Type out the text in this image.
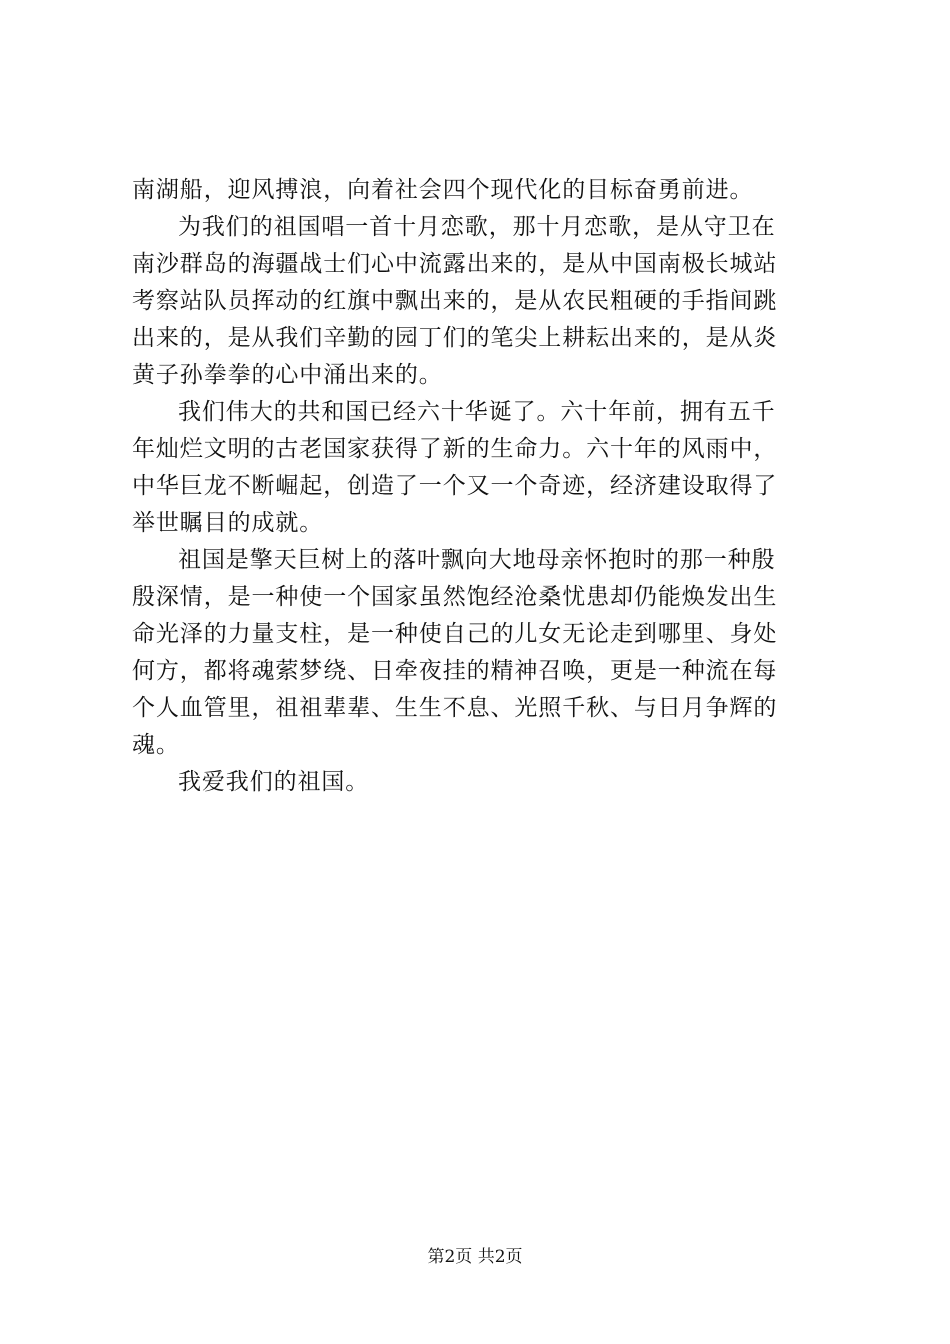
南湖船，迎风搏浪，向着社会四个现代化的目标奋勇前进。
为我们的祖国唱一首十月恋歌，那十月恋歌，是从守卫在
南沙群岛的海疆战士们心中流露出来的，是从中国南极长城站
考察站队员挥动的红旗中飘出来的，是从农民粗硬的手指间跳
出来的，是从我们辛勤的园丁们的笔尖上耕耘出来的，是从炎
黄子孙拳拳的心中涌出来的。
我们伟大的共和国已经六十华诞了。六十年前，拥有五千
年灿烂文明的古老国家获得了新的生命力。六十年的风雨中，
中华巨龙不断崛起，创造了一个又一个奇迹，经济建设取得了
举世瞩目的成就。
祖国是擎天巨树上的落叶飘向大地母亲怀抱时的那一种殷
殷深情，是一种使一个国家虽然饱经沧桑忧患却仍能焕发出生
命光泽的力量支柱，是一种使自己的儿女无论走到哪里、身处
何方，都将魂萦梦绕、日牵夜挂的精神召唤，更是一种流在每
个人血管里，祖祖辈辈、生生不息、光照千秋、与日月争辉的
魂。
我爱我们的祖国。
第2页 共2页
